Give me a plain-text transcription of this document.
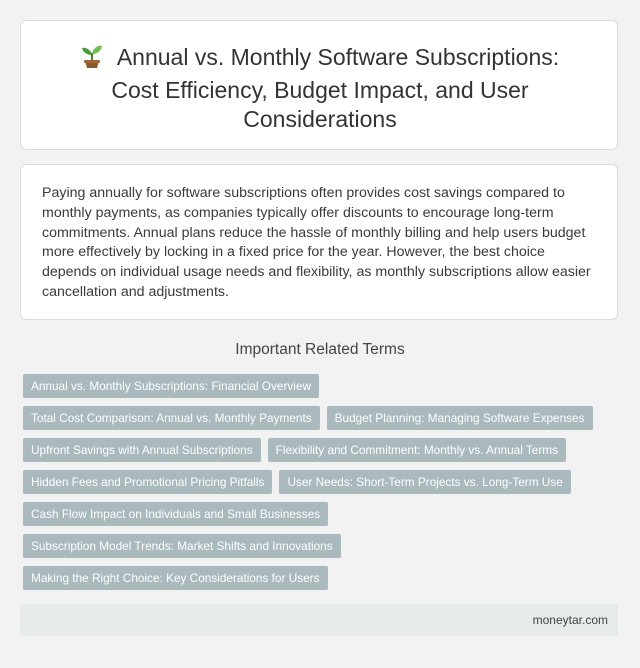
Annual vs. Monthly Software Subscriptions:
Cost Efficiency, Budget Impact, and User
Considerations
Paying annually for software subscriptions often provides cost savings compared to monthly payments, as companies typically offer discounts to encourage long-term commitments. Annual plans reduce the hassle of monthly billing and help users budget more effectively by locking in a fixed price for the year. However, the best choice depends on individual usage needs and flexibility, as monthly subscriptions allow easier cancellation and adjustments.
Important Related Terms
Annual vs. Monthly Subscriptions: Financial Overview
Total Cost Comparison: Annual vs. Monthly Payments	Budget Planning: Managing Software Expenses
Upfront Savings with Annual Subscriptions	Flexibility and Commitment: Monthly vs. Annual Terms
Hidden Fees and Promotional Pricing Pitfalls	User Needs: Short-Term Projects vs. Long-Term Use
Cash Flow Impact on Individuals and Small Businesses
Subscription Model Trends: Market Shifts and Innovations
Making the Right Choice: Key Considerations for Users
moneytar.com
